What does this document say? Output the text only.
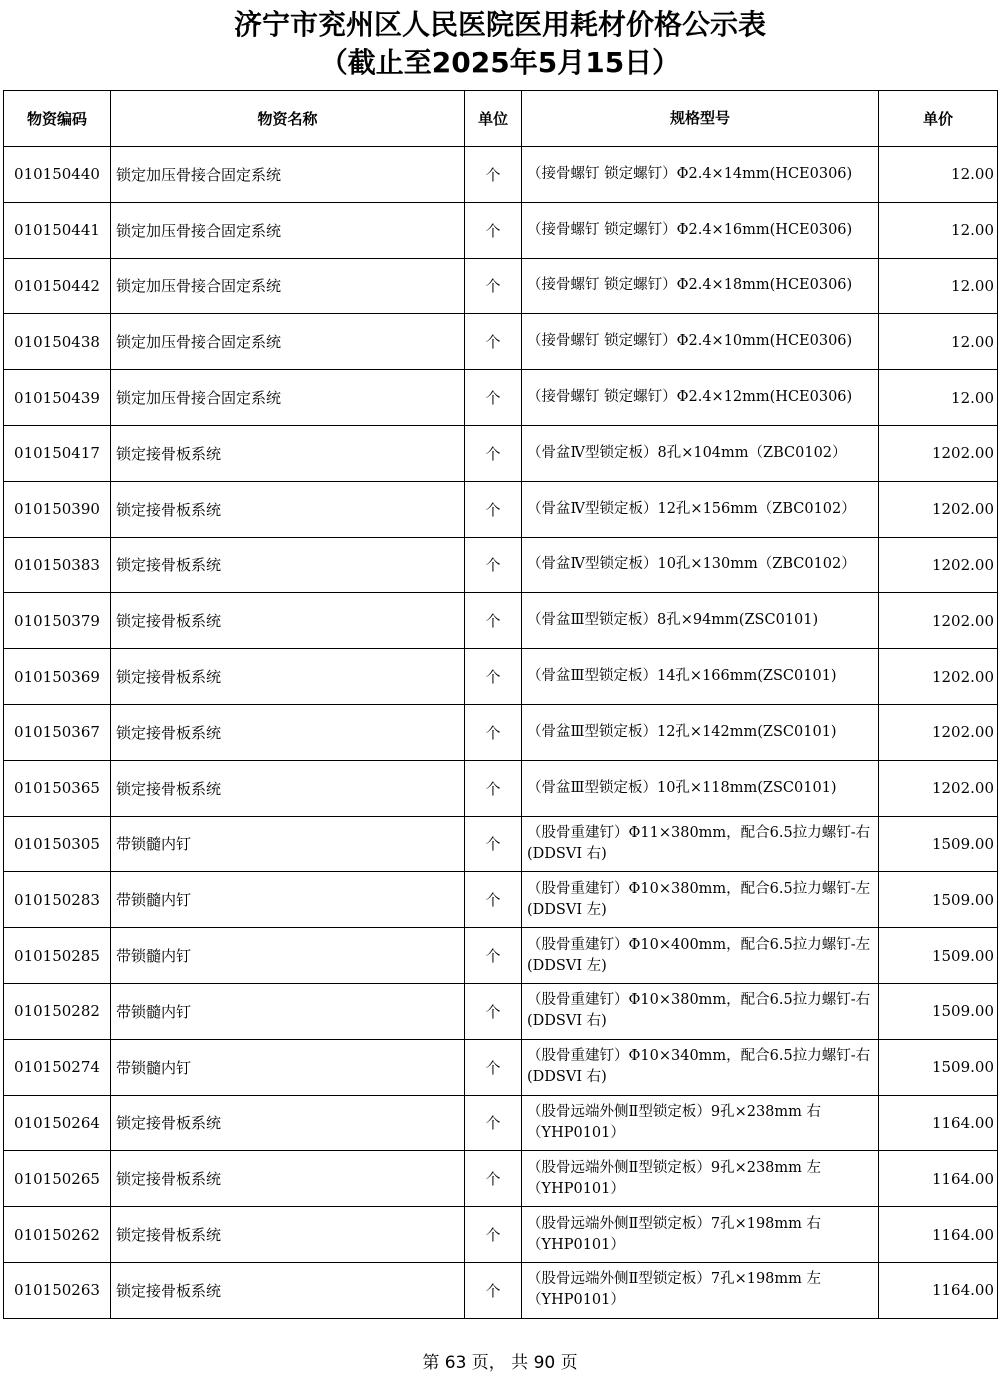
济宁市兖州区人民医院医用耗材价格公示表
（截止至2025年5月15日）
物资编码	物资名称	单位	规格型号	单价
010150440	锁定加压骨接合固定系统	个	（接骨螺钉 锁定螺钉）Φ2.4×14mm(HCE0306)	12.00
010150441	锁定加压骨接合固定系统	个	（接骨螺钉 锁定螺钉）Φ2.4×16mm(HCE0306)	12.00
010150442	锁定加压骨接合固定系统	个	（接骨螺钉 锁定螺钉）Φ2.4×18mm(HCE0306)	12.00
010150438	锁定加压骨接合固定系统	个	（接骨螺钉 锁定螺钉）Φ2.4×10mm(HCE0306)	12.00
010150439	锁定加压骨接合固定系统	个	（接骨螺钉 锁定螺钉）Φ2.4×12mm(HCE0306)	12.00
010150417	锁定接骨板系统	个	（骨盆Ⅳ型锁定板）8孔×104mm（ZBC0102）	1202.00
010150390	锁定接骨板系统	个	（骨盆Ⅳ型锁定板）12孔×156mm（ZBC0102）	1202.00
010150383	锁定接骨板系统	个	（骨盆Ⅳ型锁定板）10孔×130mm（ZBC0102）	1202.00
010150379	锁定接骨板系统	个	（骨盆Ⅲ型锁定板）8孔×94mm(ZSC0101)	1202.00
010150369	锁定接骨板系统	个	（骨盆Ⅲ型锁定板）14孔×166mm(ZSC0101)	1202.00
010150367	锁定接骨板系统	个	（骨盆Ⅲ型锁定板）12孔×142mm(ZSC0101)	1202.00
010150365	锁定接骨板系统	个	（骨盆Ⅲ型锁定板）10孔×118mm(ZSC0101)	1202.00
010150305	带锁髓内钉	个	（股骨重建钉）Φ11×380mm，配合6.5拉力螺钉-右(DDSVI 右)	1509.00
010150283	带锁髓内钉	个	（股骨重建钉）Φ10×380mm，配合6.5拉力螺钉-左(DDSVI 左)	1509.00
010150285	带锁髓内钉	个	（股骨重建钉）Φ10×400mm，配合6.5拉力螺钉-左(DDSVI 左)	1509.00
010150282	带锁髓内钉	个	（股骨重建钉）Φ10×380mm，配合6.5拉力螺钉-右(DDSVI 右)	1509.00
010150274	带锁髓内钉	个	（股骨重建钉）Φ10×340mm，配合6.5拉力螺钉-右(DDSVI 右)	1509.00
010150264	锁定接骨板系统	个	（股骨远端外侧Ⅱ型锁定板）9孔×238mm 右（YHP0101）	1164.00
010150265	锁定接骨板系统	个	（股骨远端外侧Ⅱ型锁定板）9孔×238mm 左（YHP0101）	1164.00
010150262	锁定接骨板系统	个	（股骨远端外侧Ⅱ型锁定板）7孔×198mm 右（YHP0101）	1164.00
010150263	锁定接骨板系统	个	（股骨远端外侧Ⅱ型锁定板）7孔×198mm 左（YHP0101）	1164.00
第 63 页， 共 90 页
